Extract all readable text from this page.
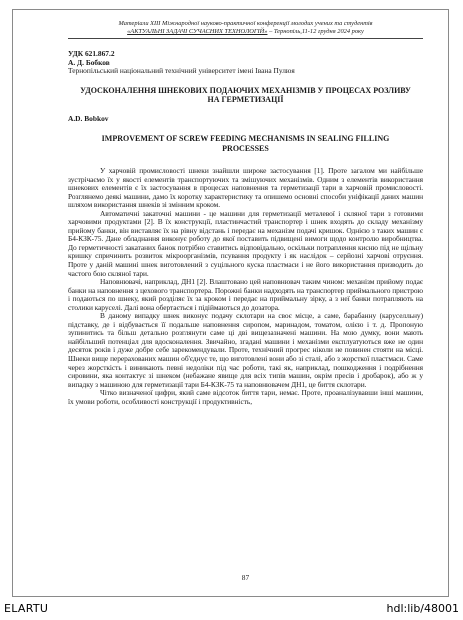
Матеріали XIII Міжнародної науково-практичної конференції молодих учених та студентів
«АКТУАЛЬНІ ЗАДАЧІ СУЧАСНИХ ТЕХНОЛОГІЙ» – Тернопіль,11-12 грудня 2024 року
УДК 621.867.2
А. Д. Бобков
Тернопільський національний технічний університет імені Івана Пулюя
УДОСКОНАЛЕННЯ ШНЕКОВИХ ПОДАЮЧИХ МЕХАНІЗМІВ У ПРОЦЕСАХ РОЗЛИВУ НА ГЕРМЕТИЗАЦІЇ
A.D. Bobkov
IMPROVEMENT OF SCREW FEEDING MECHANISMS IN SEALING FILLING PROCESSES

У харчовій промисловості шнеки знайшли широке застосування [1]. Проте загалом ми найбільше зустрічаємо їх у якості елементів транспортуючих та змішуючих механізмів. Одним з елементів використання шнекових елементів є їх застосування в процесах наповнення та герметизації тари в харчовій промисловості. Розглянемо деякі машини, дамо їх коротку характеристику та опишемо основні способи уніфікації даних машин шляхом використання шнеків зі змінним кроком.

Автоматичні закаточні машини - це машини для герметизації металевої і скляної тари з готовими харчовими продуктами [2]. В їх конструкції, пластинчастий транспортер і шнек входять до складу механізму прийому банки, він виставляє їх на рівну відстань і передає на механізм подачі кришок. Однією з таких машин є Б4-КЗК-75. Дане обладнання виконує роботу до якої поставить підвищені вимоги щодо контролю виробництва. До герметичності закатаних банок потрібно ставитись відповідально, оскільки потраплення кисню під не щільну кришку спричинить розвиток мікроорганізмів, псування продукту і як наслідок – серйозні харчові отруєння. Проте у даній машині шнек виготовлений з суцільного куска пластмаси і не його використання призводить до частого бою скляної тари.

Наповнювачі, наприклад, ДН1 [2]. Влаштовано цей наповнювач таким чином: механізм прийому подає банки на наповнення з цехового транспортера. Порожні банки надходять на транспортер приймального пристрою і подаються по шнеку, який розділяє їх за кроком і передає на приймальну зірку, а з неї банки потрапляють на столики каруселі. Далі вона обертається і підіймаються до дозатора.

В даному випадку шнек виконує подачу склотари на своє місце, а саме, барабанну (каруселльну) підставку, де і відбувається її подальше наповнення сиропом, маринадом, томатом, олією і т. д. Пропоную зупинитись та більш детально розглянути саме ці дві вищезазначені машини. На мою думку, вони мають найбільший потенціал для вдосконалення. Звичайно, згадані машини і механізми експлуатуються вже не один десяток років і дуже добре себе зарекомендували. Проте, технічний прогрес ніколи не повинен стояти на місці. Шнеки вище перерахованих машин об'єднує те, що виготовлені вони або зі сталі, або з жорсткої пластмаси. Саме через жорсткість і виникають певні недоліки під час роботи, такі як, наприклад, пошкодження і подрібнення сировини, яка контактує зі шнеком (небажане явище для всіх типів машин, окрім пресів і дробарок), або ж у випадку з машиною для герметизації тари Б4-КЗК-75 та наповнювачем ДН1, це биття склотари.

Чітко визначеної цифри, який саме відсоток биття тари, немає. Проте, проаналізувавши інші машини, їх умови роботи, особливості конструкції і продуктивність,

87
ELARTU	hdl:lib/48001
